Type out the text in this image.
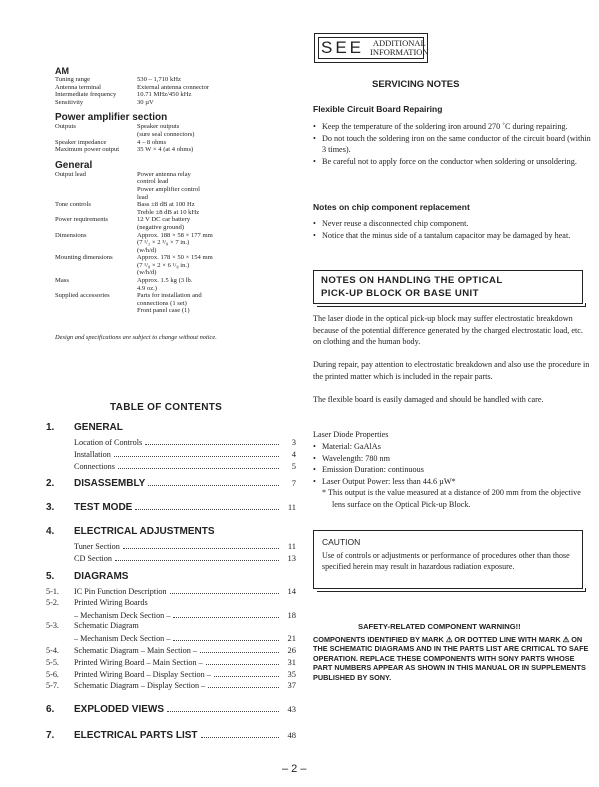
AM
Tuning range	530 – 1,710 kHz
Antenna terminal	External antenna connector
Intermediate frequency	10.71 MHz/450 kHz
Sensitivity	30 µV
Power amplifier section
Outputs	Speaker outputs
(sure seal connectors)
Speaker impedance	4 – 8 ohms
Maximum power output	35 W × 4 (at 4 ohms)
General
Output lead	Power antenna relay
control lead
Power amplifier control
lead
Tone controls	Bass ±8 dB at 100 Hz
Treble ±8 dB at 10 kHz
Power requirements	12 V DC car battery
(negative ground)
Dimensions	Approx. 188 × 58 × 177 mm
(7 ¹/₂ × 2 ³/₈ × 7 in.)
(w/h/d)
Mounting dimensions	Approx. 178 × 50 × 154 mm
(7 ¹/₈ × 2 × 6 ¹/₈ in.)
(w/h/d)
Mass	Approx. 1.5 kg (3 lb.
4.9 oz.)
Supplied accessories	Parts for installation and
connections (1 set)
Front panel case (1)
Design and specifications are subject to change without notice.
TABLE OF CONTENTS
1.	GENERAL
Location of Controls	3
Installation	4
Connections	5
2.	DISASSEMBLY	7
3.	TEST MODE	11
4.	ELECTRICAL ADJUSTMENTS
Tuner Section	11
CD Section	13
5.	DIAGRAMS
5-1.	IC Pin Function Description	14
5-2.	Printed Wiring Boards
– Mechanism Deck Section –	18
5-3.	Schematic Diagram
– Mechanism Deck Section –	21
5-4.	Schematic Diagram – Main Section –	26
5-5.	Printed Wiring Board – Main Section –	31
5-6.	Printed Wiring Board – Display Section –	35
5-7.	Schematic Diagram – Display Section –	37
6.	EXPLODED VIEWS	43
7.	ELECTRICAL PARTS LIST	48
SEE	ADDITIONAL
INFORMATION
SERVICING NOTES
Flexible Circuit Board Repairing
• Keep the temperature of the soldering iron around 270 ˚C during repairing.
• Do not touch the soldering iron on the same conductor of the circuit board (within 3 times).
• Be careful not to apply force on the conductor when soldering or unsoldering.
Notes on chip component replacement
• Never reuse a disconnected chip component.
• Notice that the minus side of a tantalum capacitor may be damaged by heat.
NOTES ON HANDLING THE OPTICAL
PICK-UP BLOCK OR BASE UNIT
The laser diode in the optical pick-up block may suffer electrostatic breakdown because of the potential difference generated by the charged electrostatic load, etc. on clothing and the human body.
During repair, pay attention to electrostatic breakdown and also use the procedure in the printed matter which is included in the repair parts.
The flexible board is easily damaged and should be handled with care.
Laser Diode Properties
• Material: GaAlAs
• Wavelength: 780 nm
• Emission Duration: continuous
• Laser Output Power: less than 44.6 µW*
* This output is the value measured at a distance of 200 mm from the objective lens surface on the Optical Pick-up Block.
CAUTION
Use of controls or adjustments or performance of procedures other than those specified herein may result in hazardous radiation exposure.
SAFETY-RELATED COMPONENT WARNING!!
COMPONENTS IDENTIFIED BY MARK ⚠ OR DOTTED LINE WITH MARK ⚠ ON THE SCHEMATIC DIAGRAMS AND IN THE PARTS LIST ARE CRITICAL TO SAFE OPERATION. REPLACE THESE COMPONENTS WITH SONY PARTS WHOSE PART NUMBERS APPEAR AS SHOWN IN THIS MANUAL OR IN SUPPLEMENTS PUBLISHED BY SONY.
– 2 –
